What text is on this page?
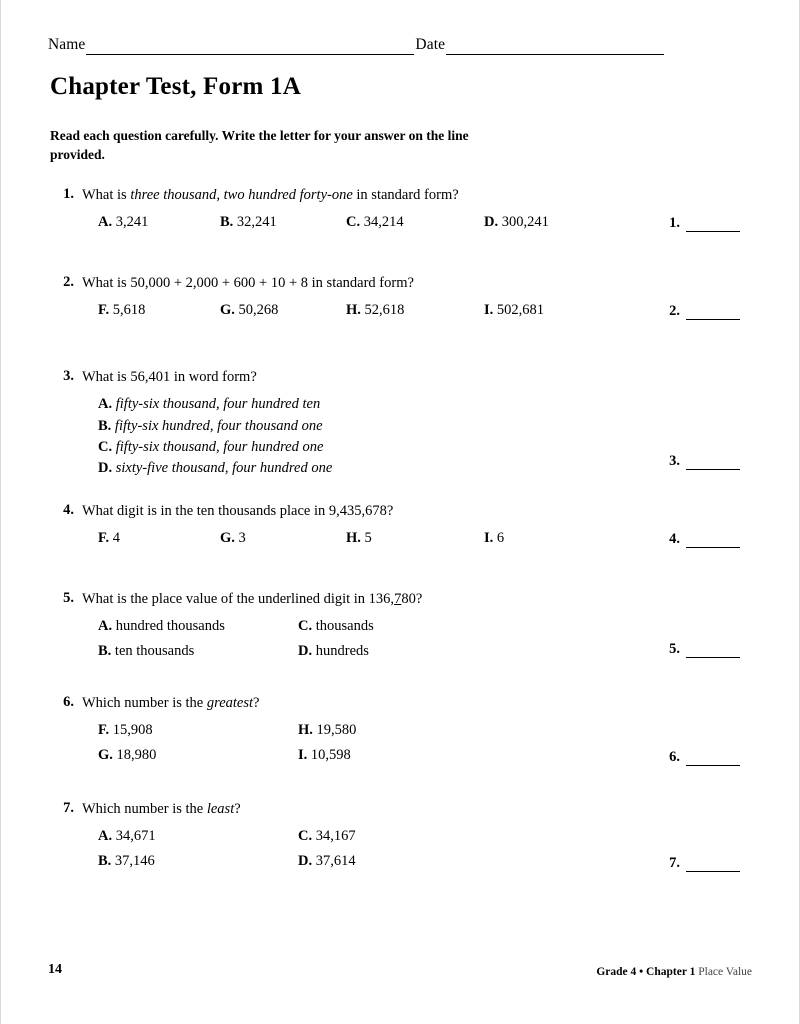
Name	Date
Chapter Test, Form 1A
Read each question carefully. Write the letter for your answer on the line provided.
1. What is three thousand, two hundred forty-one in standard form?
A. 3,241	B. 32,241	C. 34,214	D. 300,241	1.
2. What is 50,000 + 2,000 + 600 + 10 + 8 in standard form?
F. 5,618	G. 50,268	H. 52,618	I. 502,681	2.
3. What is 56,401 in word form?
A. fifty-six thousand, four hundred ten
B. fifty-six hundred, four thousand one
C. fifty-six thousand, four hundred one
D. sixty-five thousand, four hundred one	3.
4. What digit is in the ten thousands place in 9,435,678?
F. 4	G. 3	H. 5	I. 6	4.
5. What is the place value of the underlined digit in 136,780?
A. hundred thousands	C. thousands
B. ten thousands	D. hundreds	5.
6. Which number is the greatest?
F. 15,908	H. 19,580
G. 18,980	I. 10,598	6.
7. Which number is the least?
A. 34,671	C. 34,167
B. 37,146	D. 37,614	7.
14	Grade 4 • Chapter 1 Place Value
